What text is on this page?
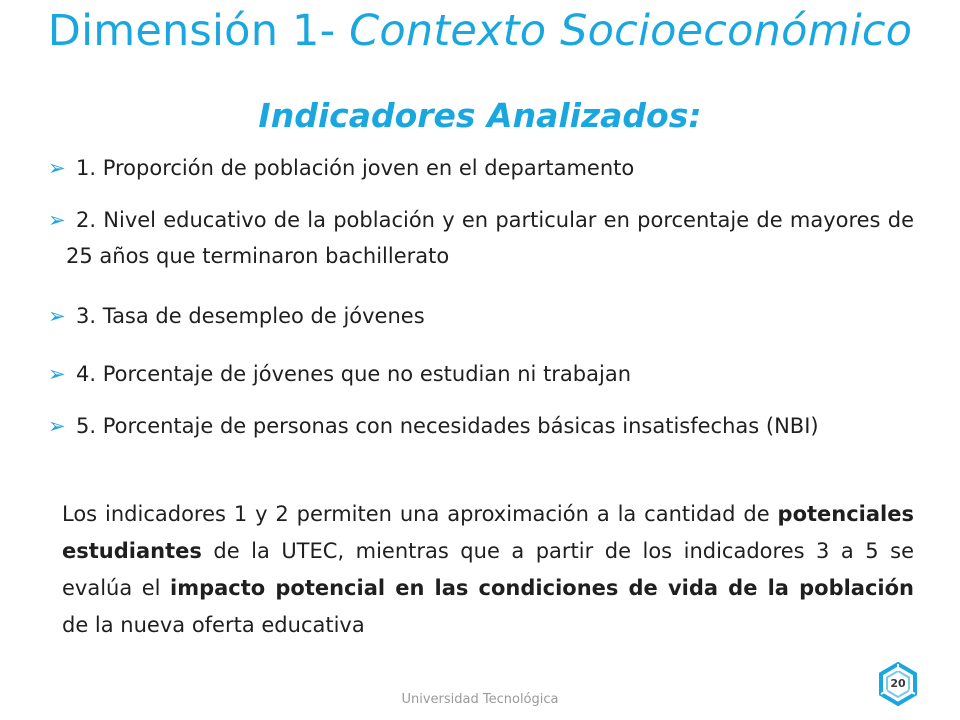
Dimensión 1- Contexto Socioeconómico
Indicadores Analizados:
➢ 1. Proporción de población joven en el departamento
➢ 2. Nivel educativo de la población y en particular en porcentaje de mayores de 25 años que terminaron bachillerato
➢ 3. Tasa de desempleo de jóvenes
➢ 4. Porcentaje de jóvenes que no estudian ni trabajan
➢ 5. Porcentaje de personas con necesidades básicas insatisfechas (NBI)
Los indicadores 1 y 2 permiten una aproximación a la cantidad de potenciales estudiantes de la UTEC, mientras que a partir de los indicadores 3 a 5 se evalúa el impacto potencial en las condiciones de vida de la población de la nueva oferta educativa
Universidad Tecnológica
20
